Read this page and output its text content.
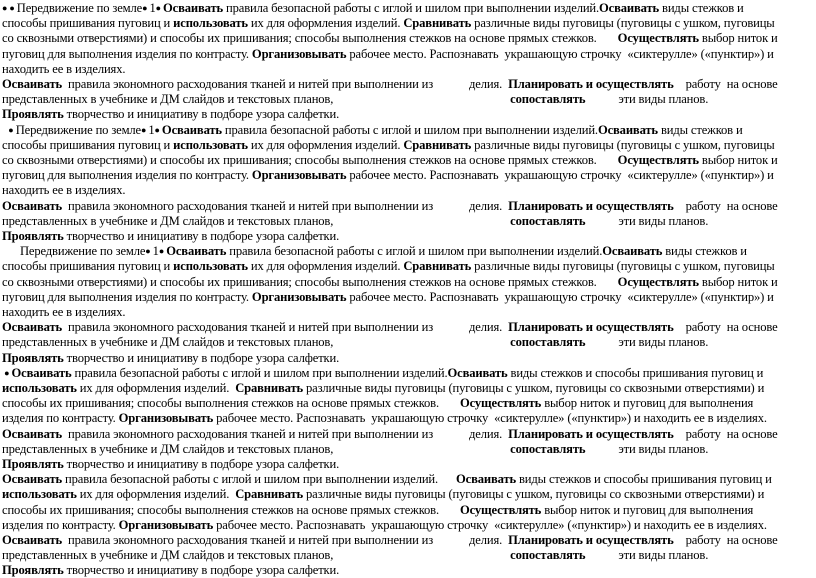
● ● Передвижение по земле● 1● Осваивать правила безопасной работы с иглой и шилом при выполнении изделий.Осваивать виды стежков и
способы пришивания пуговиц и использовать их для оформления изделий. Сравнивать различные виды пуговицы (пуговицы с ушком, пуговицы
со сквозными отверстиями) и способы их пришивания; способы выполнения стежков на основе прямых стежков.       Осуществлять выбор ниток и
пуговиц для выполнения изделия по контрасту. Организовывать рабочее место. Распознавать  украшающую строчку  «сиктерулле» («пунктир») и
находить ее в изделиях.
Осваивать  правила экономного расходования тканей и нитей при выполнении из            делия.  Планировать и осуществлять    работу  на основе
представленных в учебнике и ДМ слайдов и текстовых планов,                                                           сопоставлять           эти виды планов.
Проявлять творчество и инициативу в подборе узора салфетки.
● Передвижение по земле● 1● Осваивать правила безопасной работы с иглой и шилом при выполнении изделий.Осваивать виды стежков и
способы пришивания пуговиц и использовать их для оформления изделий. Сравнивать различные виды пуговицы (пуговицы с ушком, пуговицы
со сквозными отверстиями) и способы их пришивания; способы выполнения стежков на основе прямых стежков.       Осуществлять выбор ниток и
пуговиц для выполнения изделия по контрасту. Организовывать рабочее место. Распознавать  украшающую строчку  «сиктерулле» («пунктир») и
находить ее в изделиях.
Осваивать  правила экономного расходования тканей и нитей при выполнении из            делия.  Планировать и осуществлять    работу  на основе
представленных в учебнике и ДМ слайдов и текстовых планов,                                                           сопоставлять           эти виды планов.
Проявлять творчество и инициативу в подборе узора салфетки.
Передвижение по земле● 1● Осваивать правила безопасной работы с иглой и шилом при выполнении изделий.Осваивать виды стежков и
способы пришивания пуговиц и использовать их для оформления изделий. Сравнивать различные виды пуговицы (пуговицы с ушком, пуговицы
со сквозными отверстиями) и способы их пришивания; способы выполнения стежков на основе прямых стежков.       Осуществлять выбор ниток и
пуговиц для выполнения изделия по контрасту. Организовывать рабочее место. Распознавать  украшающую строчку  «сиктерулле» («пунктир») и
находить ее в изделиях.
Осваивать  правила экономного расходования тканей и нитей при выполнении из            делия.  Планировать и осуществлять    работу  на основе
представленных в учебнике и ДМ слайдов и текстовых планов,                                                           сопоставлять           эти виды планов.
Проявлять творчество и инициативу в подборе узора салфетки.
● Осваивать правила безопасной работы с иглой и шилом при выполнении изделий.Осваивать виды стежков и способы пришивания пуговиц и
использовать их для оформления изделий.  Сравнивать различные виды пуговицы (пуговицы с ушком, пуговицы со сквозными отверстиями) и
способы их пришивания; способы выполнения стежков на основе прямых стежков.       Осуществлять выбор ниток и пуговиц для выполнения
изделия по контрасту. Организовывать рабочее место. Распознавать  украшающую строчку  «сиктерулле» («пунктир») и находить ее в изделиях.
Осваивать  правила экономного расходования тканей и нитей при выполнении из            делия.  Планировать и осуществлять    работу  на основе
представленных в учебнике и ДМ слайдов и текстовых планов,                                                           сопоставлять           эти виды планов.
Проявлять творчество и инициативу в подборе узора салфетки.
Осваивать правила безопасной работы с иглой и шилом при выполнении изделий.      Осваивать виды стежков и способы пришивания пуговиц и
использовать их для оформления изделий.  Сравнивать различные виды пуговицы (пуговицы с ушком, пуговицы со сквозными отверстиями) и
способы их пришивания; способы выполнения стежков на основе прямых стежков.       Осуществлять выбор ниток и пуговиц для выполнения
изделия по контрасту. Организовывать рабочее место. Распознавать  украшающую строчку  «сиктерулле» («пунктир») и находить ее в изделиях.
Осваивать  правила экономного расходования тканей и нитей при выполнении из            делия.  Планировать и осуществлять    работу  на основе
представленных в учебнике и ДМ слайдов и текстовых планов,                                                           сопоставлять           эти виды планов.
Проявлять творчество и инициативу в подборе узора салфетки.
